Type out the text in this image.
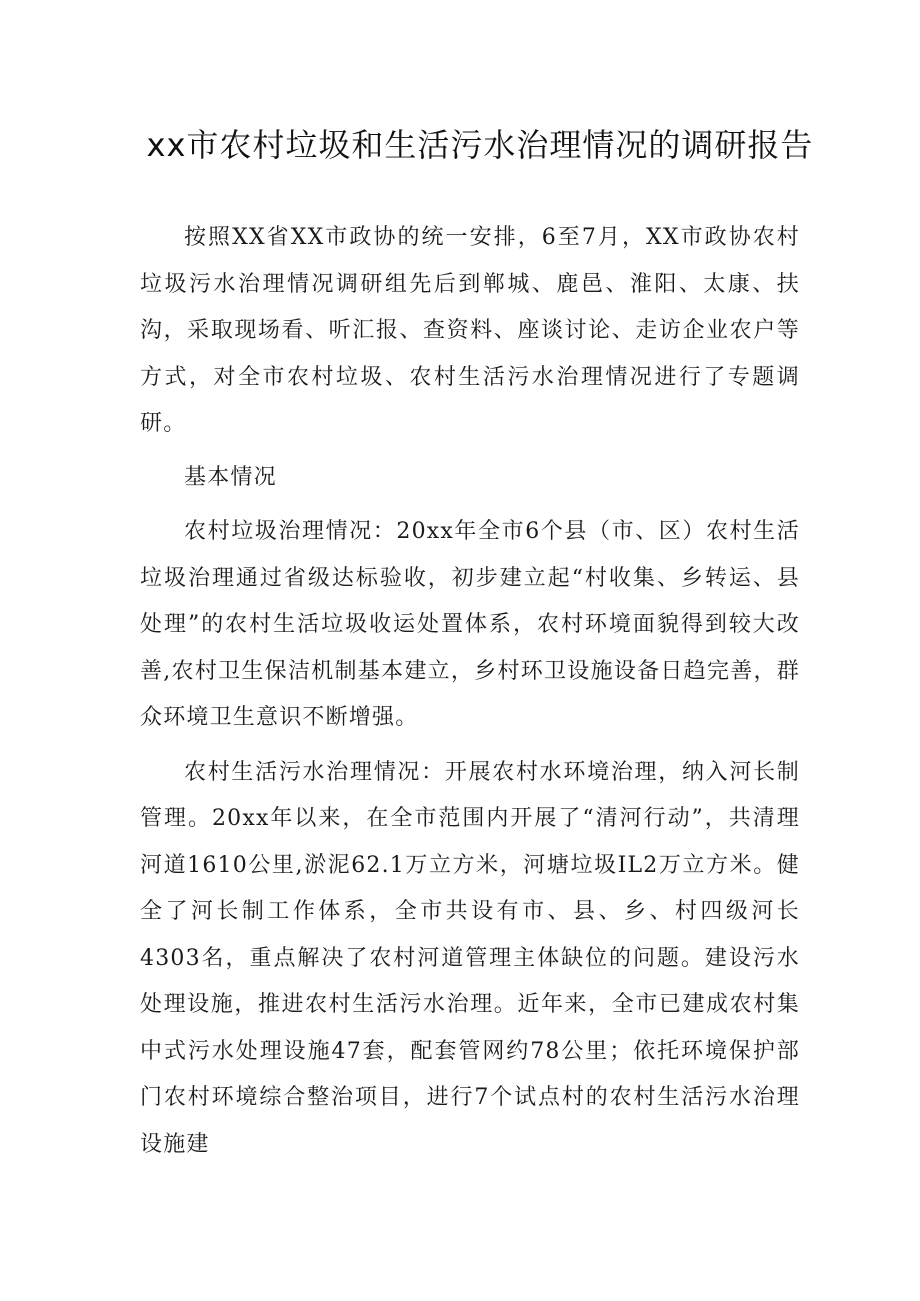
xx市农村垃圾和生活污水治理情况的调研报告

按照XX省XX市政协的统一安排，6至7月，XX市政协农村垃圾污水治理情况调研组先后到郸城、鹿邑、淮阳、太康、扶沟，采取现场看、听汇报、查资料、座谈讨论、走访企业农户等方式，对全市农村垃圾、农村生活污水治理情况进行了专题调研。

基本情况

农村垃圾治理情况：20xx年全市6个县（市、区）农村生活垃圾治理通过省级达标验收，初步建立起“村收集、乡转运、县处理”的农村生活垃圾收运处置体系，农村环境面貌得到较大改善,农村卫生保洁机制基本建立，乡村环卫设施设备日趋完善，群众环境卫生意识不断增强。

农村生活污水治理情况：开展农村水环境治理，纳入河长制管理。20xx年以来，在全市范围内开展了“清河行动”，共清理河道1610公里,淤泥62.1万立方米，河塘垃圾IL2万立方米。健全了河长制工作体系，全市共设有市、县、乡、村四级河长4303名，重点解决了农村河道管理主体缺位的问题。建设污水处理设施，推进农村生活污水治理。近年来，全市已建成农村集中式污水处理设施47套，配套管网约78公里；依托环境保护部门农村环境综合整治项目，进行7个试点村的农村生活污水治理设施建
